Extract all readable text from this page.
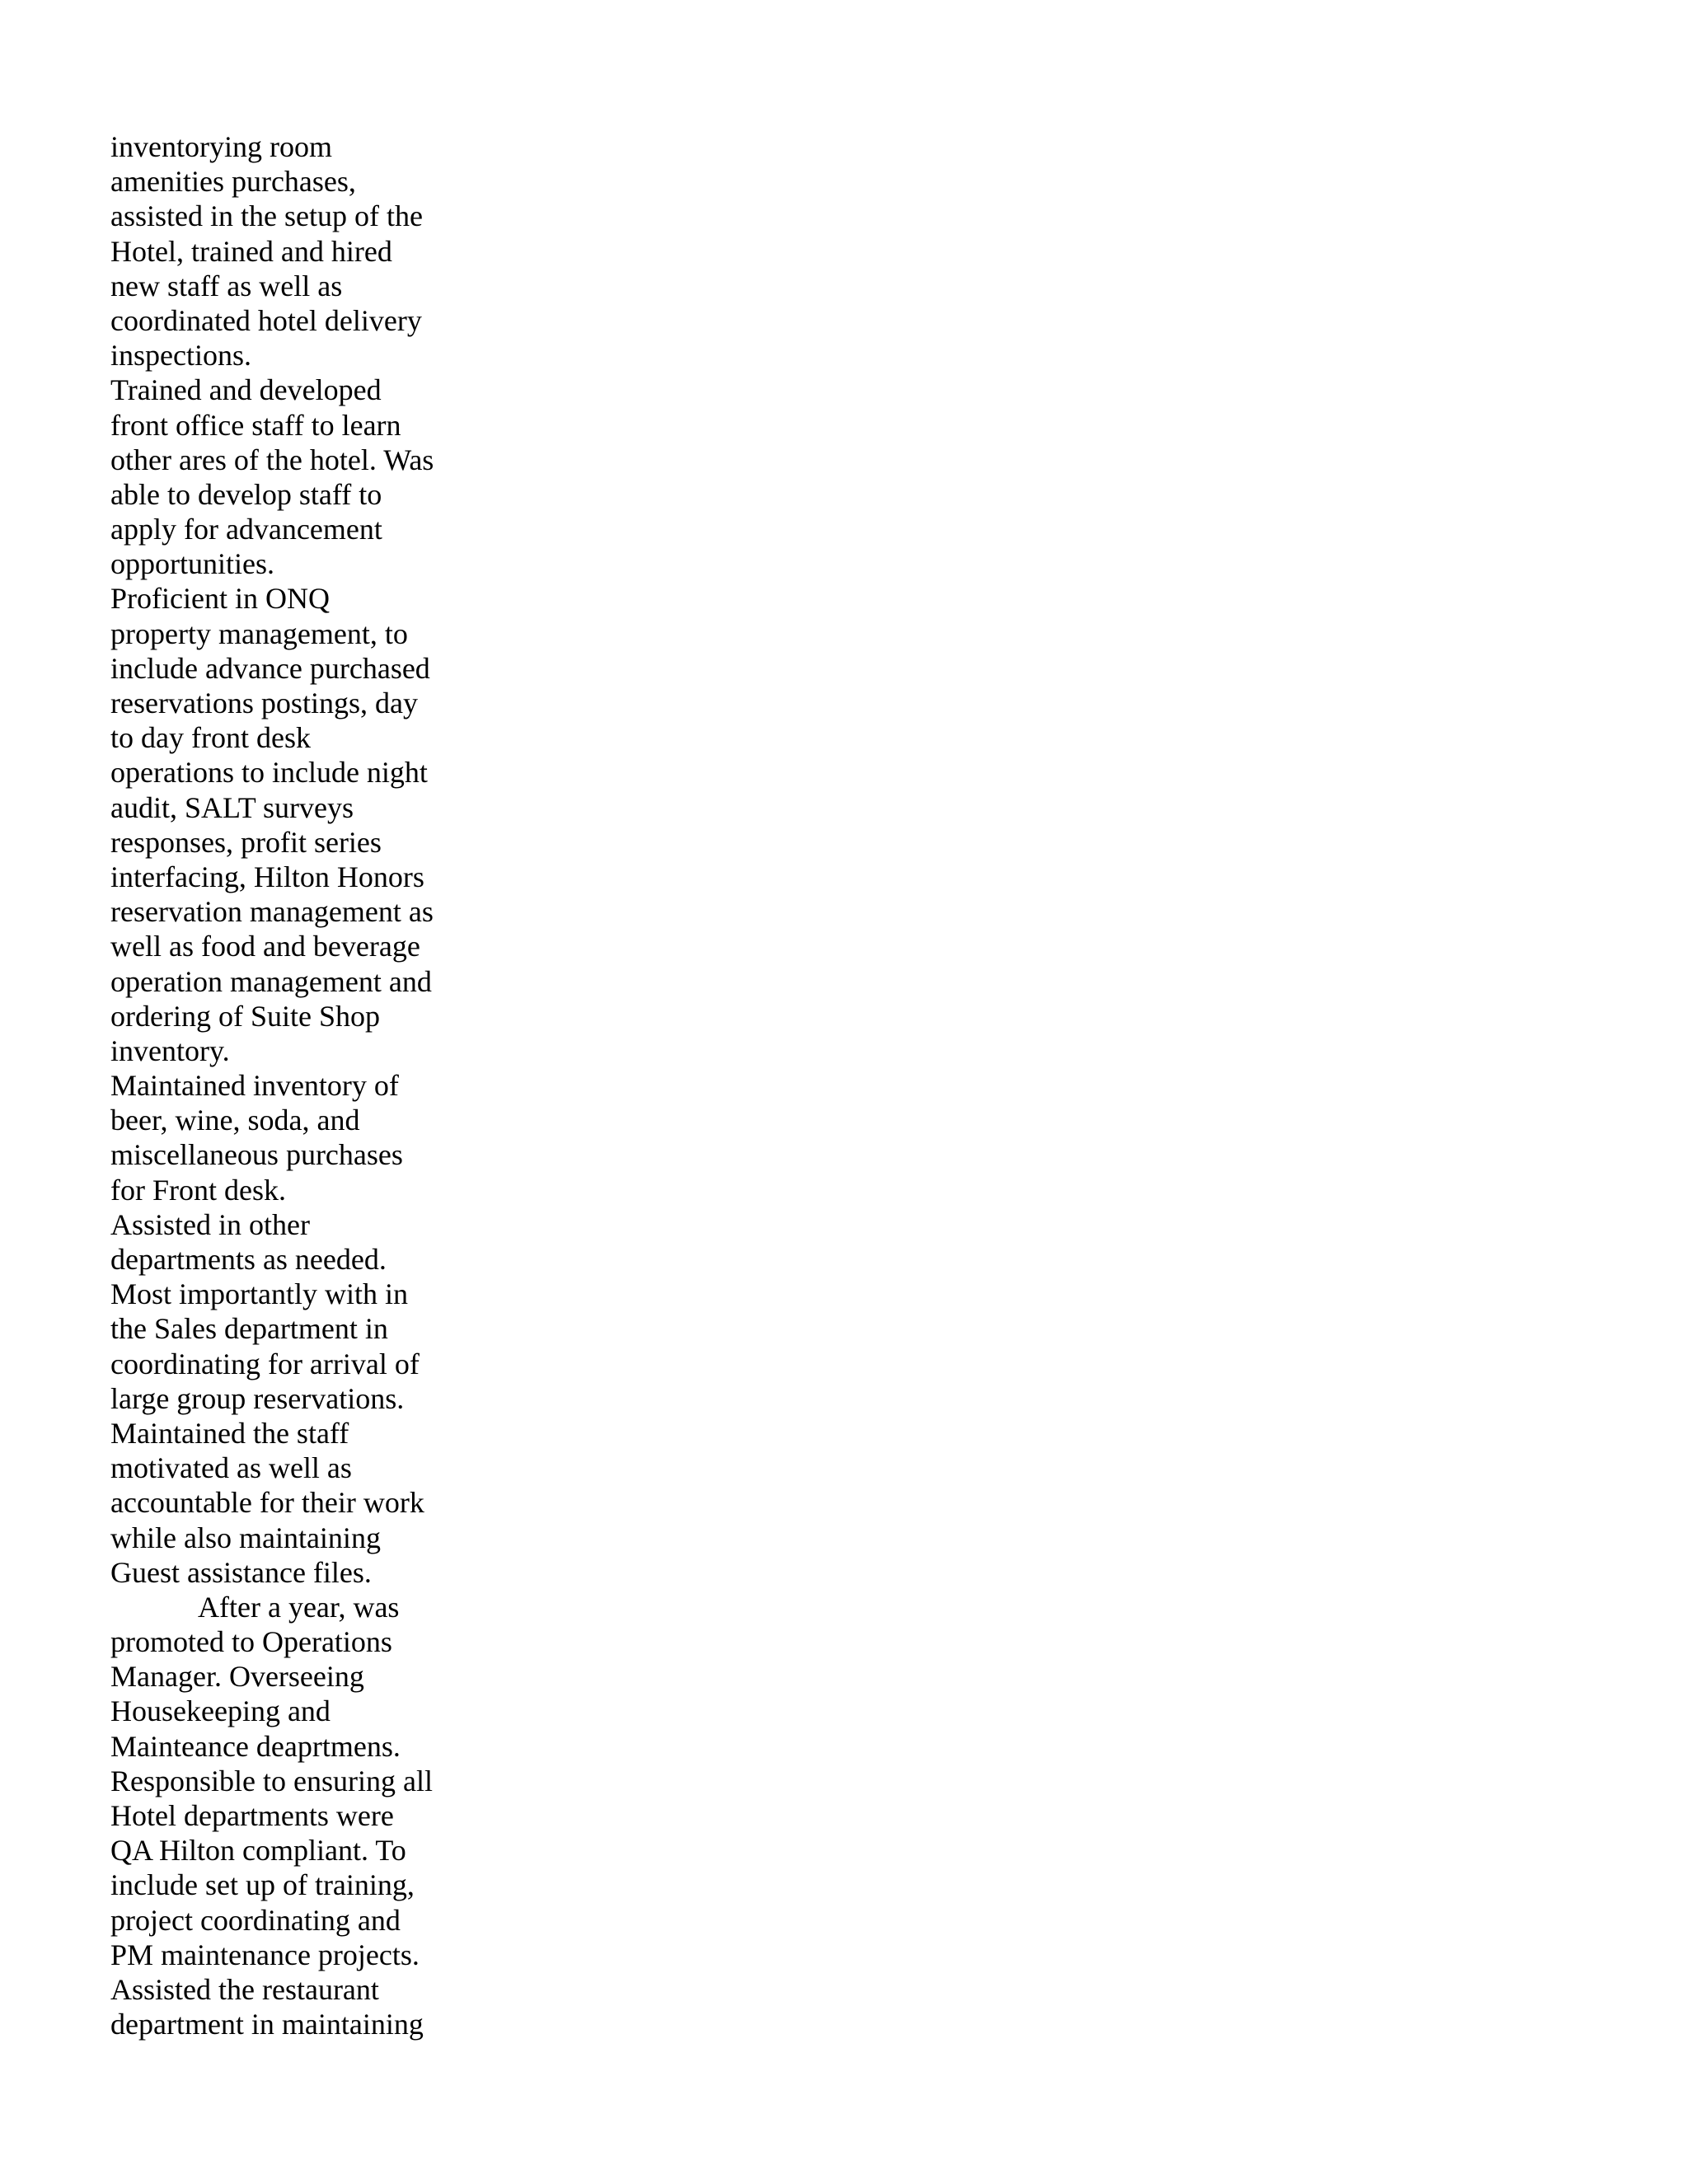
inventorying room
amenities purchases,
assisted in the setup of the
Hotel, trained and hired
new staff as well as
coordinated hotel delivery
inspections.
Trained and developed
front office staff to learn
other ares of the hotel. Was
able to develop staff to
apply for advancement
opportunities.
Proficient in ONQ
property management, to
include advance purchased
reservations postings, day
to day front desk
operations to include night
audit, SALT surveys
responses, profit series
interfacing, Hilton Honors
reservation management as
well as food and beverage
operation management and
ordering of Suite Shop
inventory.
Maintained inventory of
beer, wine, soda, and
miscellaneous purchases
for Front desk.
Assisted in other
departments as needed.
Most importantly with in
the Sales department in
coordinating for arrival of
large group reservations.
Maintained the staff
motivated as well as
accountable for their work
while also maintaining
Guest assistance files.
After a year, was
promoted to Operations
Manager. Overseeing
Housekeeping and
Mainteance deaprtmens.
Responsible to ensuring all
Hotel departments were
QA Hilton compliant. To
include set up of training,
project coordinating and
PM maintenance projects.
Assisted the restaurant
department in maintaining
